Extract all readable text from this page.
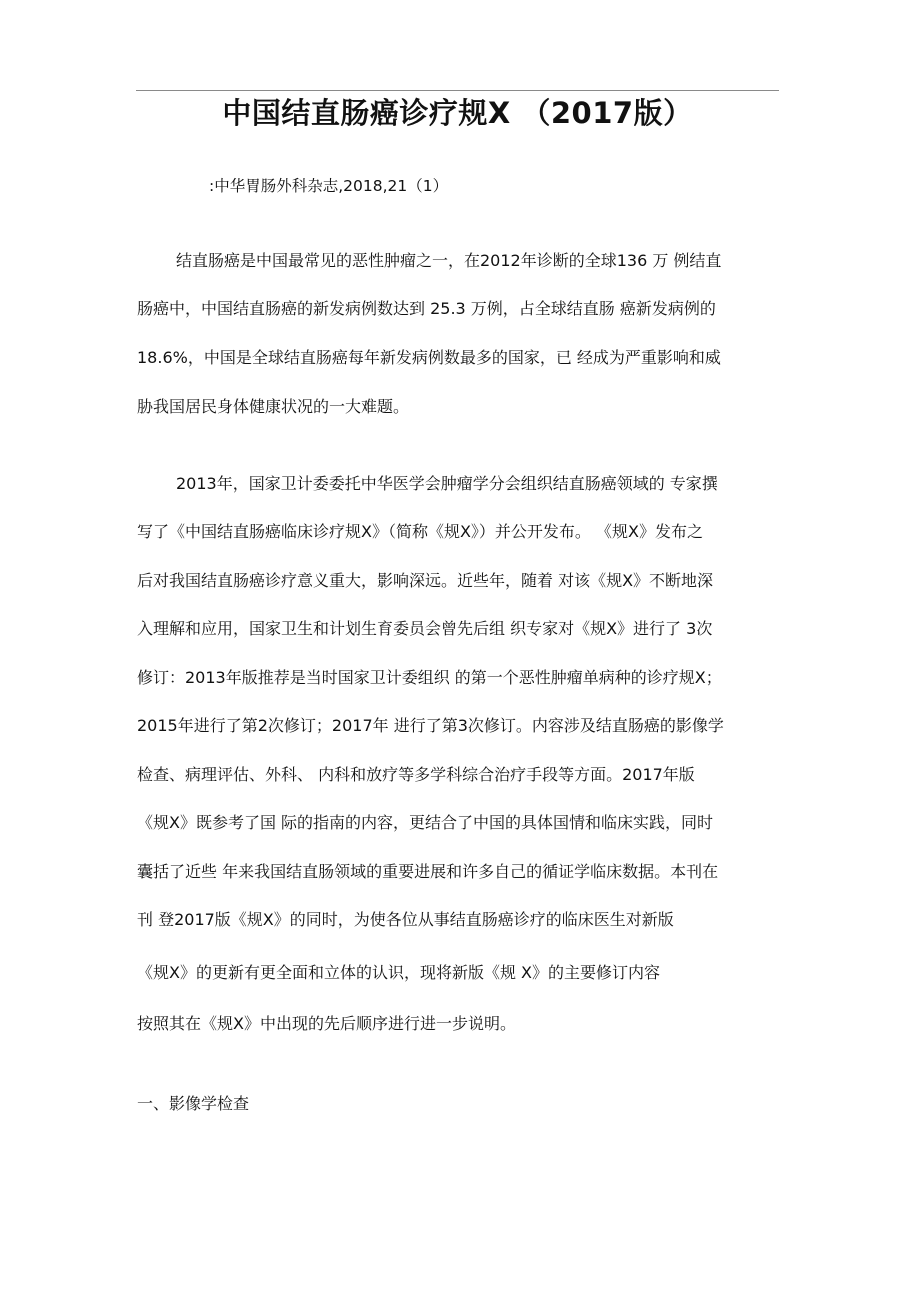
中国结直肠癌诊疗规X （2017版）
:中华胃肠外科杂志,2018,21（1）
结直肠癌是中国最常见的恶性肿瘤之一，在2012年诊断的全球136 万 例结直
肠癌中，中国结直肠癌的新发病例数达到 25.3 万例，占全球结直肠 癌新发病例的
18.6%，中国是全球结直肠癌每年新发病例数最多的国家，已 经成为严重影响和威
胁我国居民身体健康状况的一大难题。
2013年，国家卫计委委托中华医学会肿瘤学分会组织结直肠癌领域的 专家撰
写了《中国结直肠癌临床诊疗规X》（简称《规X》）并公开发布。 《规X》发布之
后对我国结直肠癌诊疗意义重大，影响深远。近些年，随着 对该《规X》不断地深
入理解和应用，国家卫生和计划生育委员会曾先后组 织专家对《规X》进行了 3次
修订：2013年版推荐是当时国家卫计委组织 的第一个恶性肿瘤单病种的诊疗规X；
2015年进行了第2次修订；2017年 进行了第3次修订。内容涉及结直肠癌的影像学
检查、病理评估、外科、 内科和放疗等多学科综合治疗手段等方面。2017年版
《规X》既参考了国 际的指南的内容，更结合了中国的具体国情和临床实践，同时
囊括了近些 年来我国结直肠领域的重要进展和许多自己的循证学临床数据。本刊在
刊 登2017版《规X》的同时，为使各位从事结直肠癌诊疗的临床医生对新版
《规X》的更新有更全面和立体的认识，现将新版《规 X》的主要修订内容
按照其在《规X》中出现的先后顺序进行进一步说明。
一、影像学检查
